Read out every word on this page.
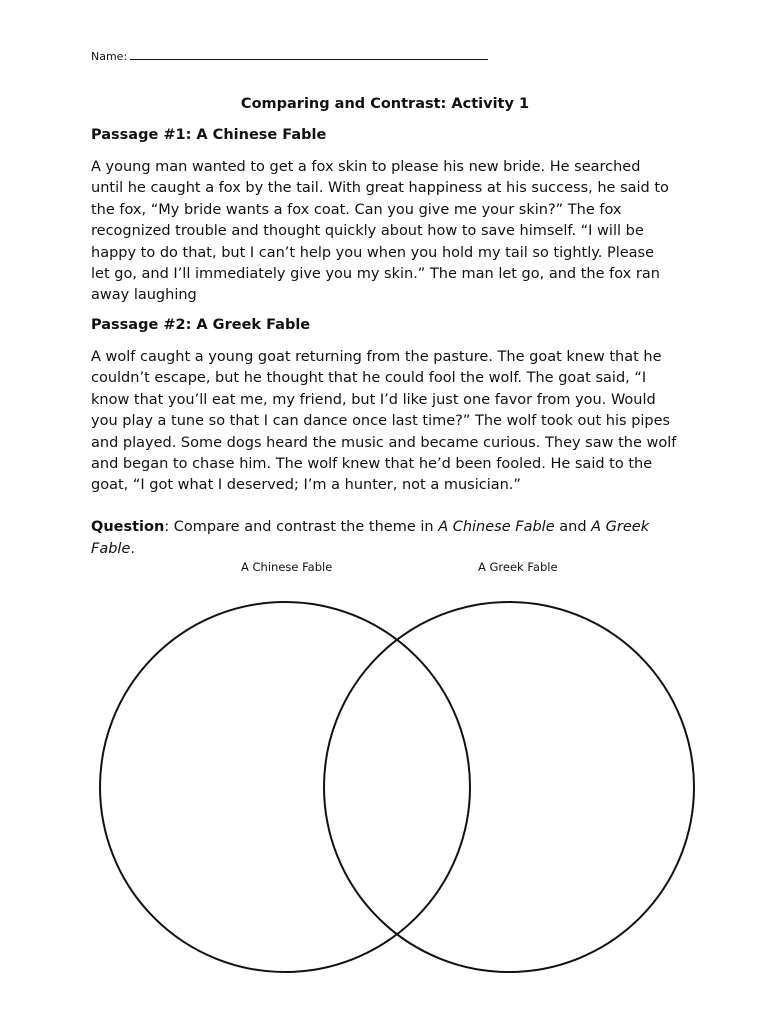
Name:
Comparing and Contrast: Activity 1
Passage #1: A Chinese Fable
A young man wanted to get a fox skin to please his new bride. He searched
until he caught a fox by the tail. With great happiness at his success, he said to
the fox, “My bride wants a fox coat. Can you give me your skin?” The fox
recognized trouble and thought quickly about how to save himself. “I will be
happy to do that, but I can’t help you when you hold my tail so tightly. Please
let go, and I’ll immediately give you my skin.” The man let go, and the fox ran
away laughing
Passage #2: A Greek Fable
A wolf caught a young goat returning from the pasture. The goat knew that he
couldn’t escape, but he thought that he could fool the wolf. The goat said, “I
know that you’ll eat me, my friend, but I’d like just one favor from you. Would
you play a tune so that I can dance once last time?” The wolf took out his pipes
and played. Some dogs heard the music and became curious. They saw the wolf
and began to chase him. The wolf knew that he’d been fooled. He said to the
goat, “I got what I deserved; I’m a hunter, not a musician.”
Question: Compare and contrast the theme in A Chinese Fable and A Greek Fable.
A Chinese Fable	A Greek Fable
